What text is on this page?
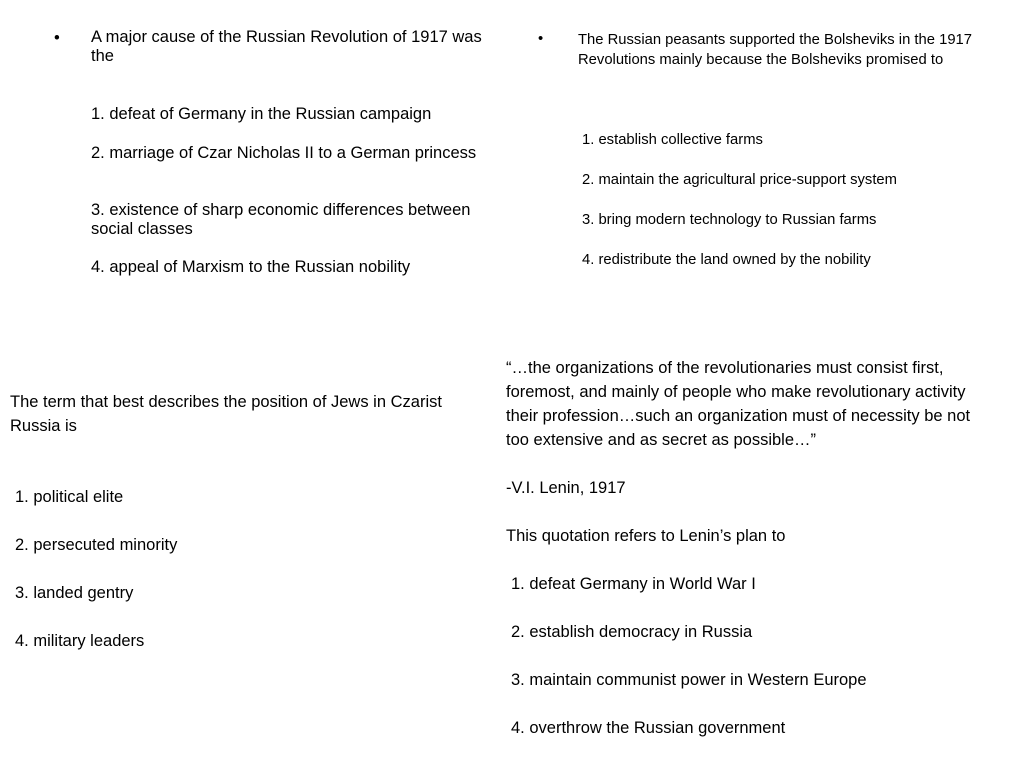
• A major cause of the Russian Revolution of 1917 was the
1. defeat of Germany in the Russian campaign
2. marriage of Czar Nicholas II to a German princess
3. existence of sharp economic differences between social classes
4. appeal of Marxism to the Russian nobility
• The Russian peasants supported the Bolsheviks in the 1917 Revolutions mainly because the Bolsheviks promised to
1. establish collective farms
2. maintain the agricultural price-support system
3. bring modern technology to Russian farms
4. redistribute the land owned by the nobility
The term that best describes the position of Jews in Czarist Russia is
1. political elite
2. persecuted minority
3. landed gentry
4. military leaders
“…the organizations of the revolutionaries must consist first, foremost, and mainly of people who make revolutionary activity their profession…such an organization must of necessity be not too extensive and as secret as possible…”
-V.I. Lenin, 1917
This quotation refers to Lenin’s plan to
1. defeat Germany in World War I
2. establish democracy in Russia
3. maintain communist power in Western Europe
4. overthrow the Russian government
